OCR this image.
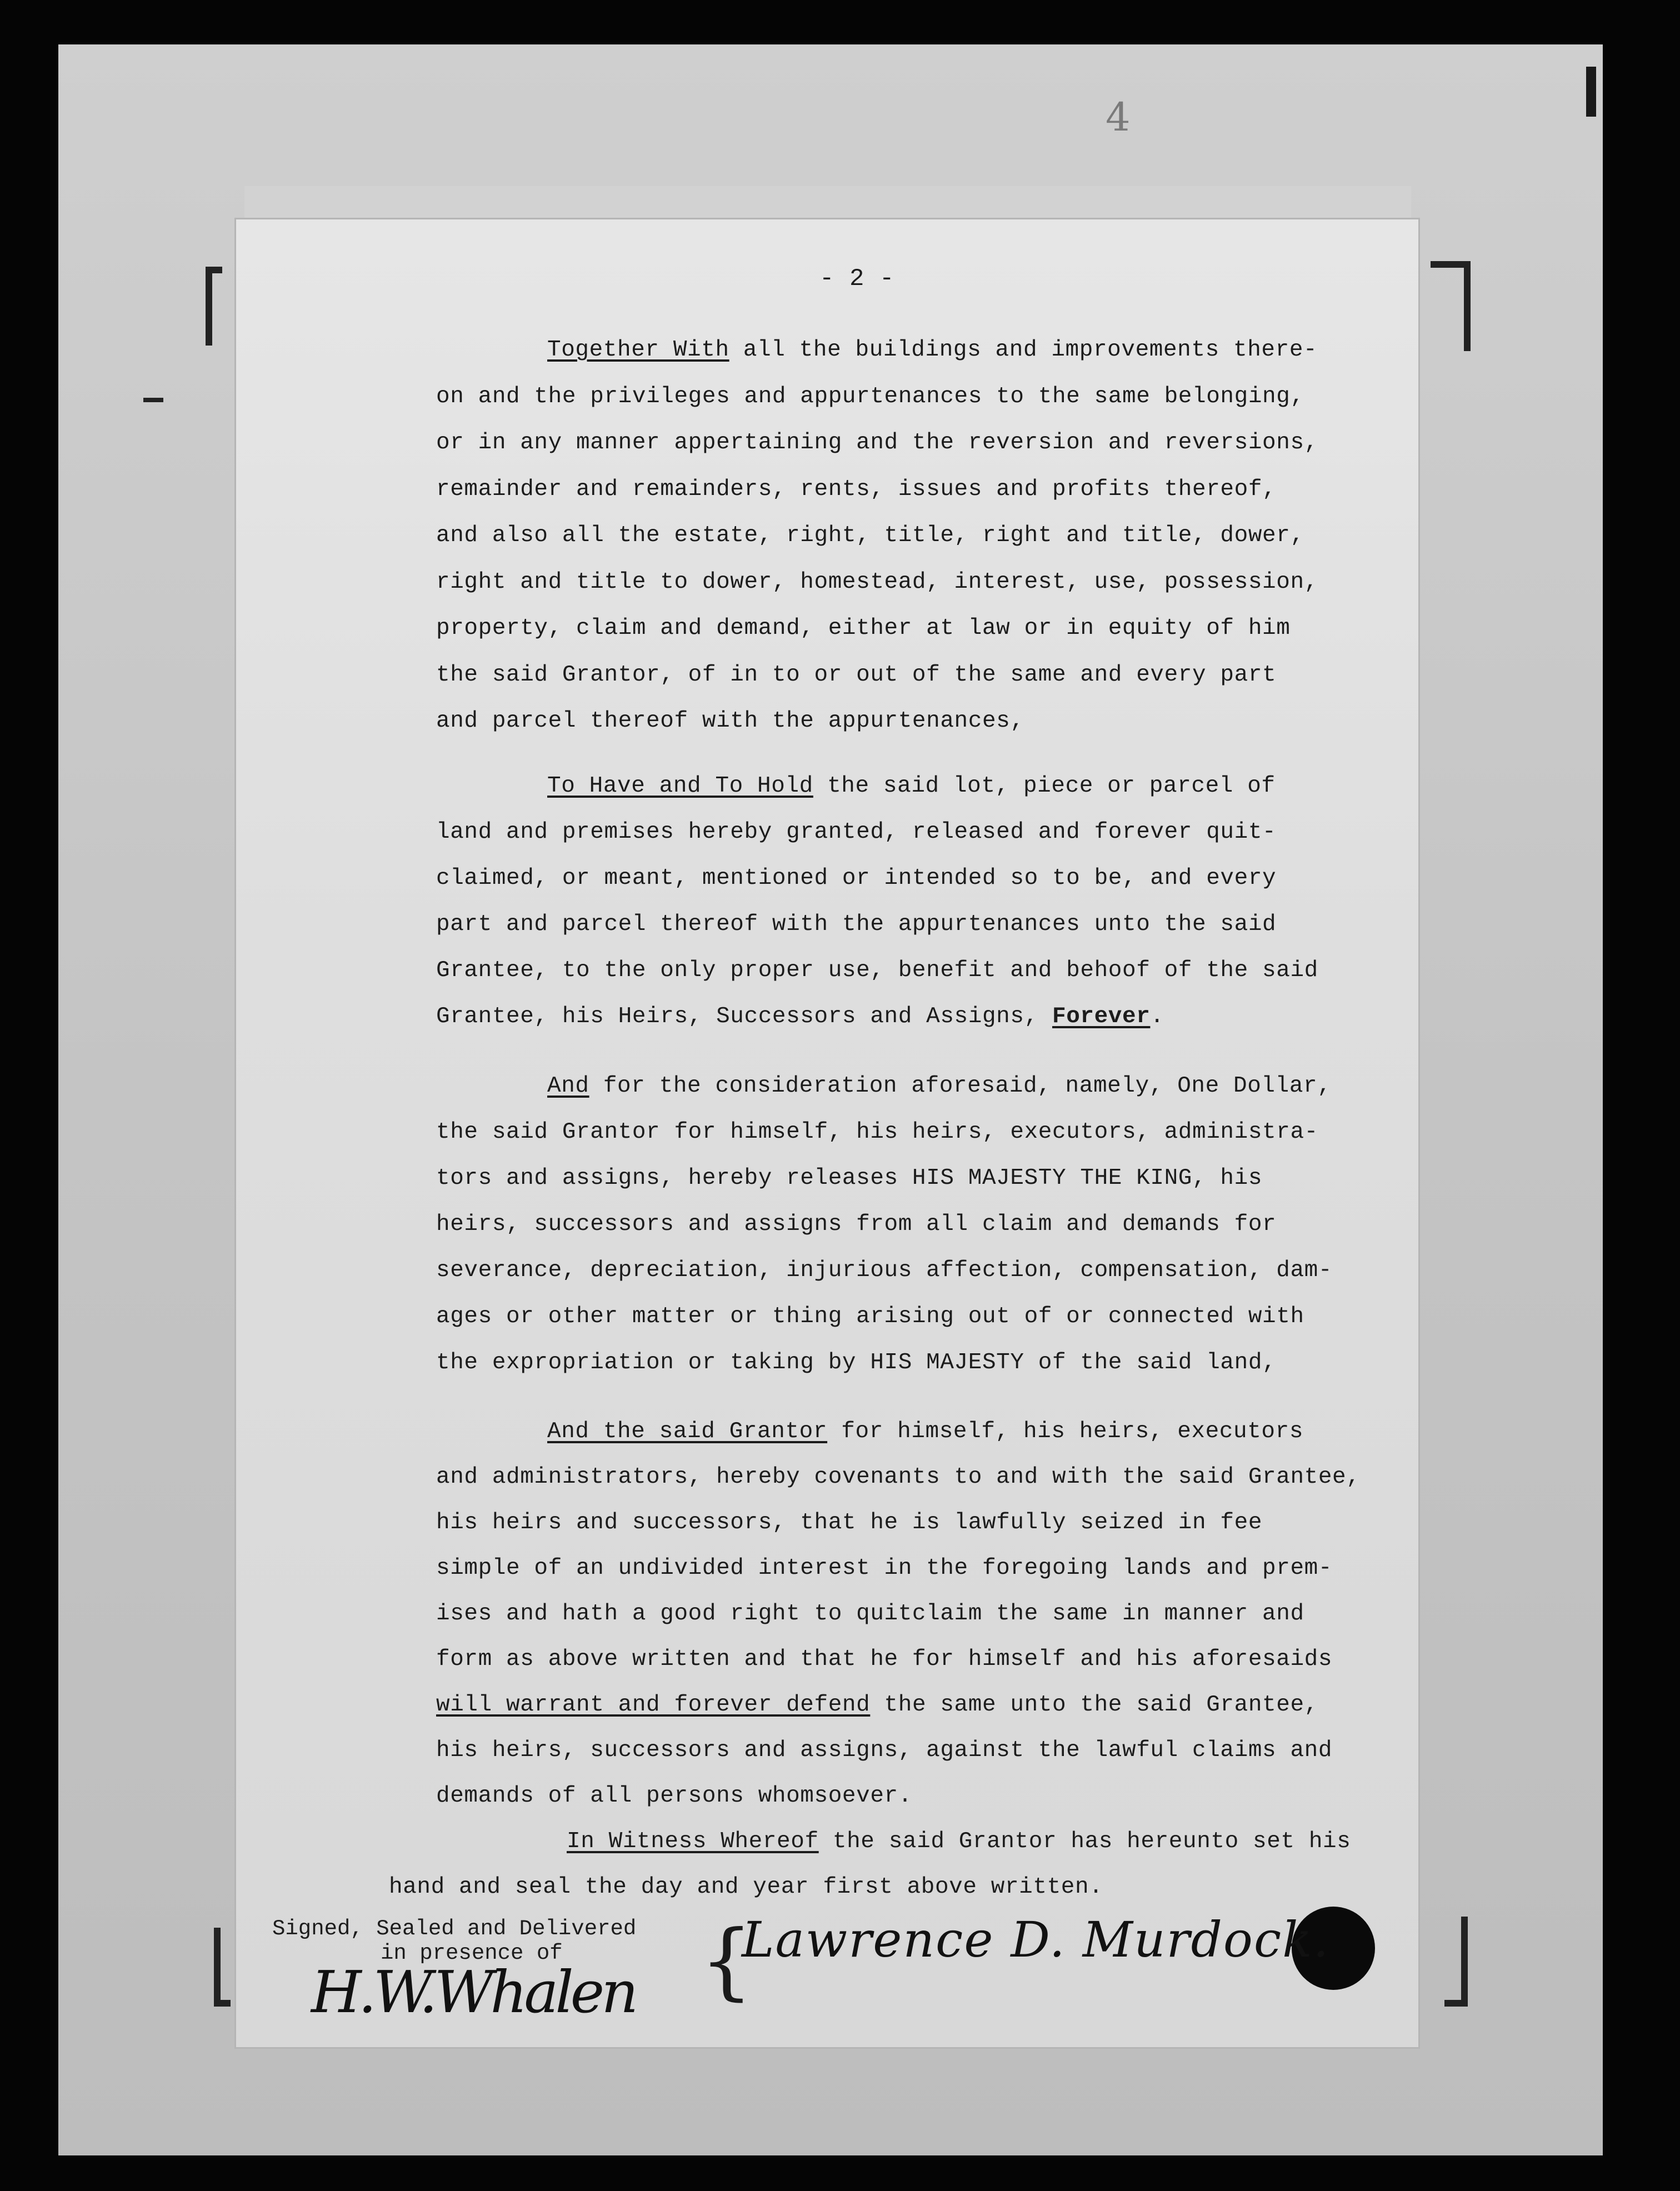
4

- 2 -

Together With all the buildings and improvements there-

on and the privileges and appurtenances to the same belonging,

or in any manner appertaining and the reversion and reversions,

remainder and remainders, rents, issues and profits thereof,

and also all the estate, right, title, right and title, dower,

right and title to dower, homestead, interest, use, possession,

property, claim and demand, either at law or in equity of him

the said Grantor, of in to or out of the same and every part

and parcel thereof with the appurtenances,

To Have and To Hold the said lot, piece or parcel of

land and premises hereby granted, released and forever quit-

claimed, or meant, mentioned or intended so to be, and every

part and parcel thereof with the appurtenances unto the said

Grantee, to the only proper use, benefit and behoof of the said

Grantee, his Heirs, Successors and Assigns, Forever.

And for the consideration aforesaid, namely, One Dollar,

the said Grantor for himself, his heirs, executors, administra-

tors and assigns, hereby releases HIS MAJESTY THE KING, his

heirs, successors and assigns from all claim and demands for

severance, depreciation, injurious affection, compensation, dam-

ages or other matter or thing arising out of or connected with

the expropriation or taking by HIS MAJESTY of the said land,

And the said Grantor for himself, his heirs, executors

and administrators, hereby covenants to and with the said Grantee,

his heirs and successors, that he is lawfully seized in fee

simple of an undivided interest in the foregoing lands and prem-

ises and hath a good right to quitclaim the same in manner and

form as above written and that he for himself and his aforesaids

will warrant and forever defend the same unto the said Grantee,

his heirs, successors and assigns, against the lawful claims and

demands of all persons whomsoever.

In Witness Whereof the said Grantor has hereunto set his

hand and seal the day and year first above written.

Signed, Sealed and Delivered
in presence of

H.W.Whalen {

Lawrence D. Murdock.
